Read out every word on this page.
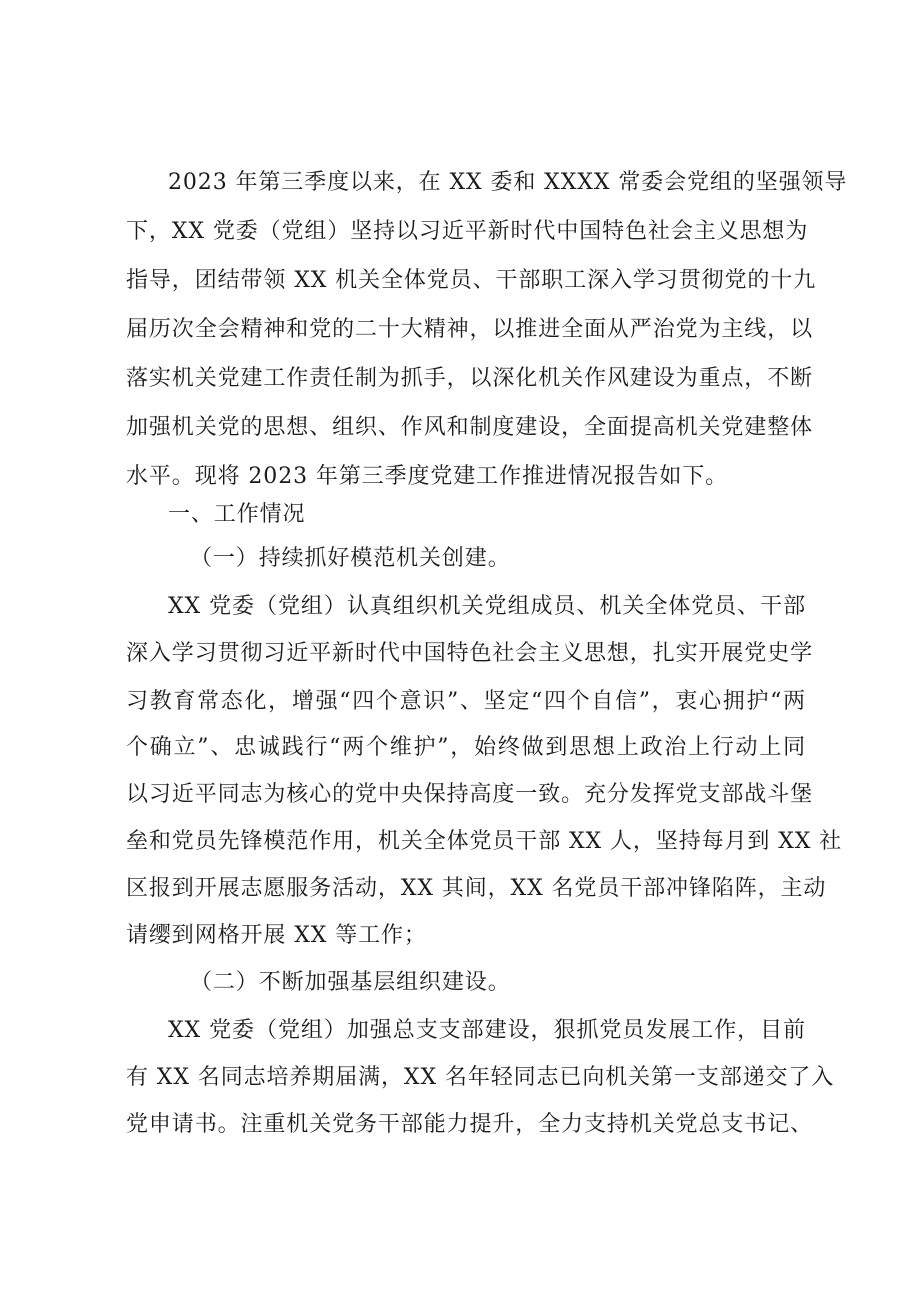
2023 年第三季度以来，在 XX 委和 XXXX 常委会党组的坚强领导
下，XX 党委（党组）坚持以习近平新时代中国特色社会主义思想为
指导，团结带领 XX 机关全体党员、干部职工深入学习贯彻党的十九
届历次全会精神和党的二十大精神，以推进全面从严治党为主线，以
落实机关党建工作责任制为抓手，以深化机关作风建设为重点，不断
加强机关党的思想、组织、作风和制度建设，全面提高机关党建整体
水平。现将 2023 年第三季度党建工作推进情况报告如下。
一、工作情况
（一）持续抓好模范机关创建。
XX 党委（党组）认真组织机关党组成员、机关全体党员、干部
深入学习贯彻习近平新时代中国特色社会主义思想，扎实开展党史学
习教育常态化，增强“四个意识”、坚定“四个自信”，衷心拥护“两
个确立”、忠诚践行“两个维护”，始终做到思想上政治上行动上同
以习近平同志为核心的党中央保持高度一致。充分发挥党支部战斗堡
垒和党员先锋模范作用，机关全体党员干部 XX 人，坚持每月到 XX 社
区报到开展志愿服务活动，XX 其间，XX 名党员干部冲锋陷阵，主动
请缨到网格开展 XX 等工作；
（二）不断加强基层组织建设。
XX 党委（党组）加强总支支部建设，狠抓党员发展工作，目前
有 XX 名同志培养期届满，XX 名年轻同志已向机关第一支部递交了入
党申请书。注重机关党务干部能力提升，全力支持机关党总支书记、
